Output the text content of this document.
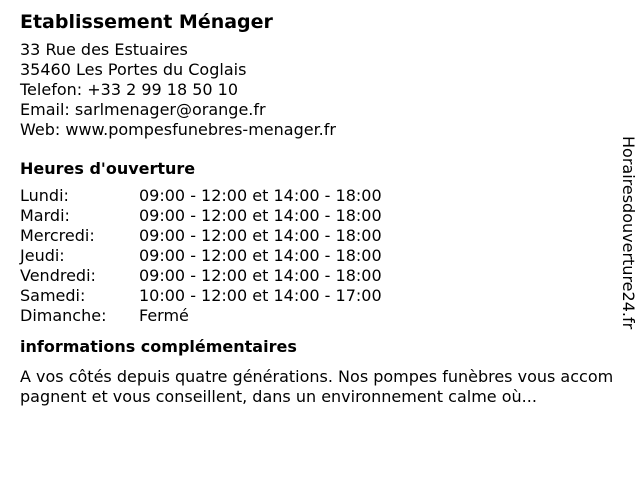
Etablissement Ménager
33 Rue des Estuaires
35460 Les Portes du Coglais
Telefon: +33 2 99 18 50 10
Email: sarlmenager@orange.fr
Web: www.pompesfunebres-menager.fr
Heures d'ouverture
Lundi:	09:00 - 12:00 et 14:00 - 18:00
Mardi:	09:00 - 12:00 et 14:00 - 18:00
Mercredi:	09:00 - 12:00 et 14:00 - 18:00
Jeudi:	09:00 - 12:00 et 14:00 - 18:00
Vendredi:	09:00 - 12:00 et 14:00 - 18:00
Samedi:	10:00 - 12:00 et 14:00 - 17:00
Dimanche:	Fermé
informations complémentaires
A vos côtés depuis quatre générations. Nos pompes funèbres vous accompagnent et vous conseillent, dans un environnement calme où...
Horairesdouverture24.fr
